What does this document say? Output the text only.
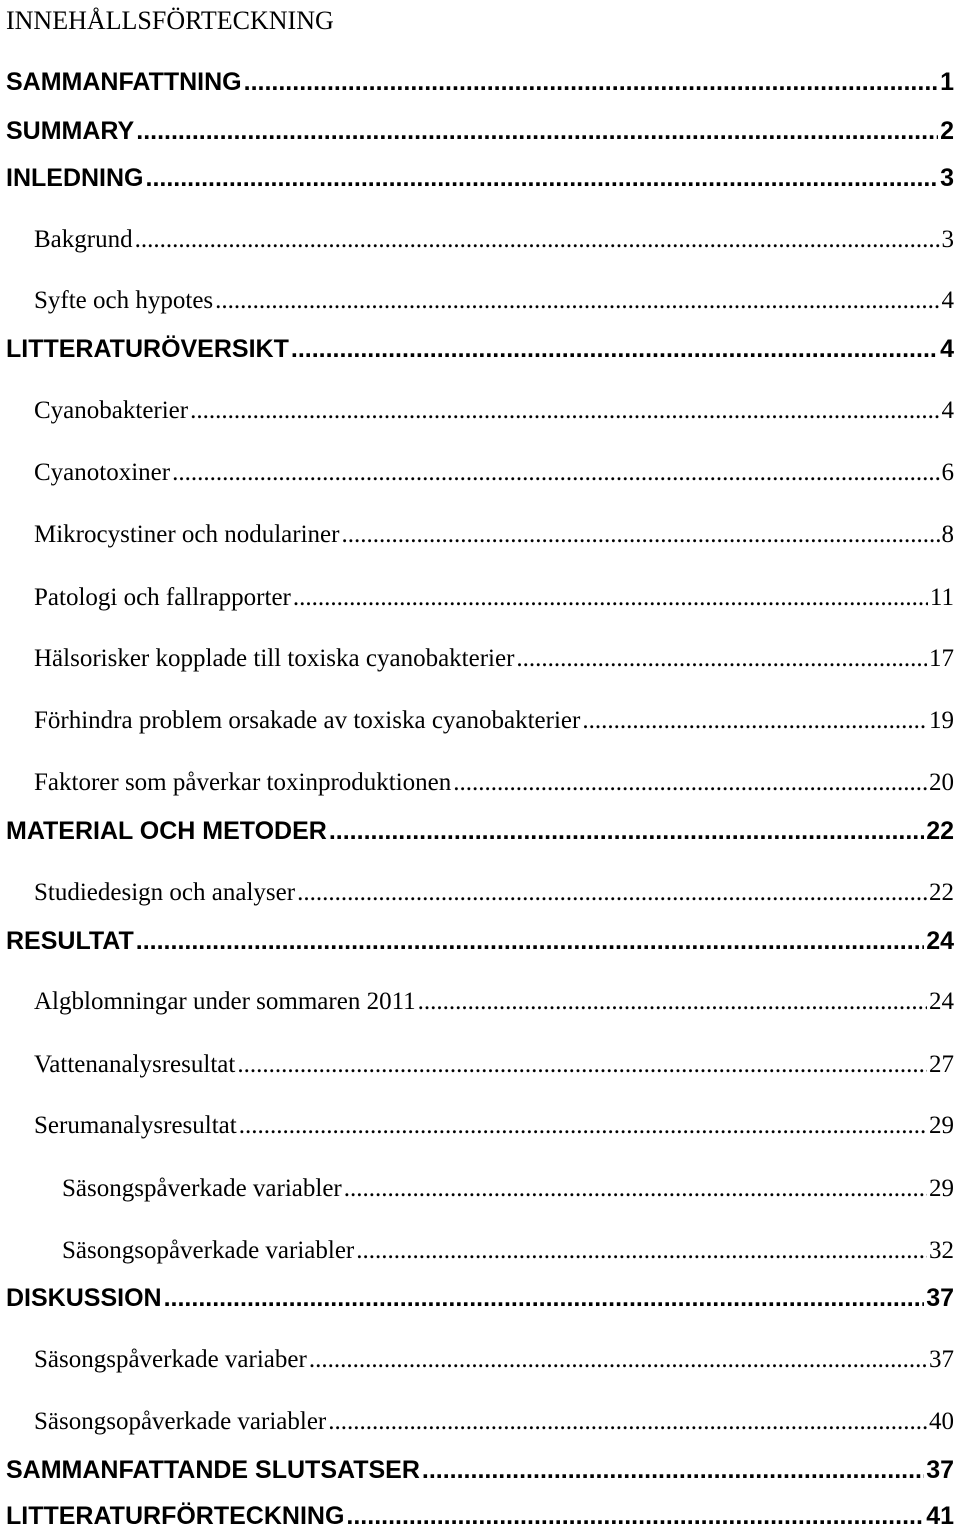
INNEHÅLLSFÖRTECKNING
SAMMANFATTNING .....	1
SUMMARY .....	2
INLEDNING .....	3
Bakgrund .....	3
Syfte och hypotes .....	4
LITTERATURÖVERSIKT .....	4
Cyanobakterier .....	4
Cyanotoxiner .....	6
Mikrocystiner och nodulariner .....	8
Patologi och fallrapporter .....	11
Hälsorisker kopplade till toxiska cyanobakterier .....	17
Förhindra problem orsakade av toxiska cyanobakterier .....	19
Faktorer som påverkar toxinproduktionen .....	20
MATERIAL OCH METODER .....	22
Studiedesign och analyser .....	22
RESULTAT .....	24
Algblomningar under sommaren 2011 .....	24
Vattenanalysresultat .....	27
Serumanalysresultat .....	29
Säsongspåverkade variabler .....	29
Säsongsopåverkade variabler .....	32
DISKUSSION .....	37
Säsongspåverkade variaber .....	37
Säsongsopåverkade variabler .....	40
SAMMANFATTANDE SLUTSATSER .....	37
LITTERATURFÖRTECKNING .....	41
